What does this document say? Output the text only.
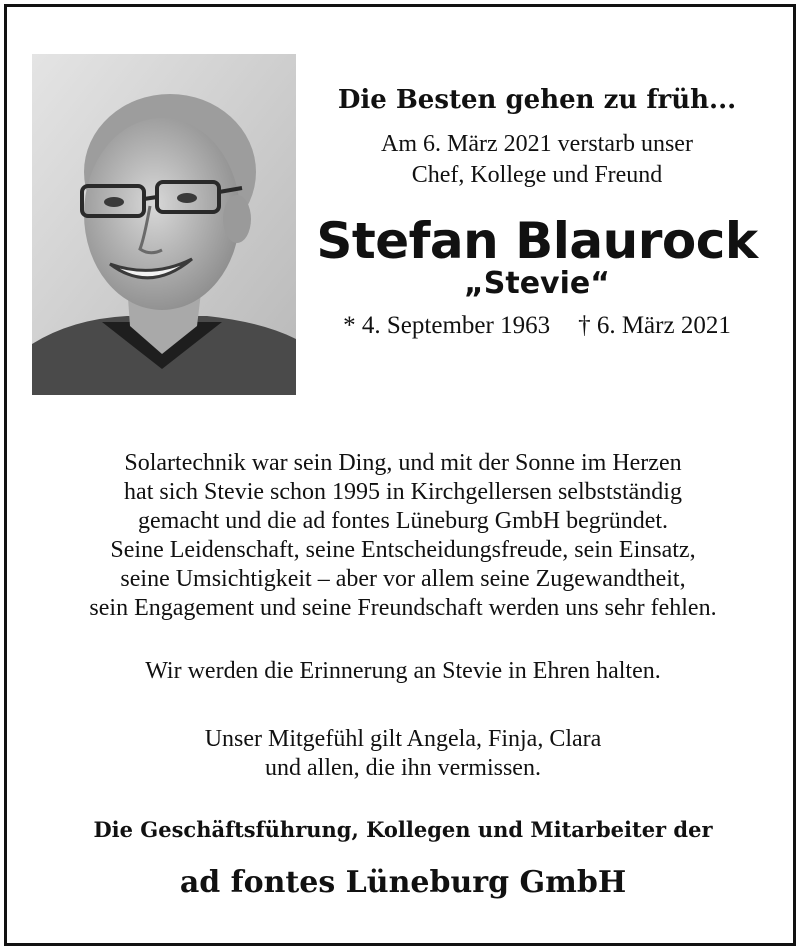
Die Besten gehen zu früh...
Am 6. März 2021 verstarb unser
Chef, Kollege und Freund
Stefan Blaurock
„Stevie“
* 4. September 1963 † 6. März 2021
Solartechnik war sein Ding, und mit der Sonne im Herzen
hat sich Stevie schon 1995 in Kirchgellersen selbstständig
gemacht und die ad fontes Lüneburg GmbH begründet.
Seine Leidenschaft, seine Entscheidungsfreude, sein Einsatz,
seine Umsichtigkeit – aber vor allem seine Zugewandtheit,
sein Engagement und seine Freundschaft werden uns sehr fehlen.
Wir werden die Erinnerung an Stevie in Ehren halten.
Unser Mitgefühl gilt Angela, Finja, Clara
und allen, die ihn vermissen.
Die Geschäftsführung, Kollegen und Mitarbeiter der
ad fontes Lüneburg GmbH
